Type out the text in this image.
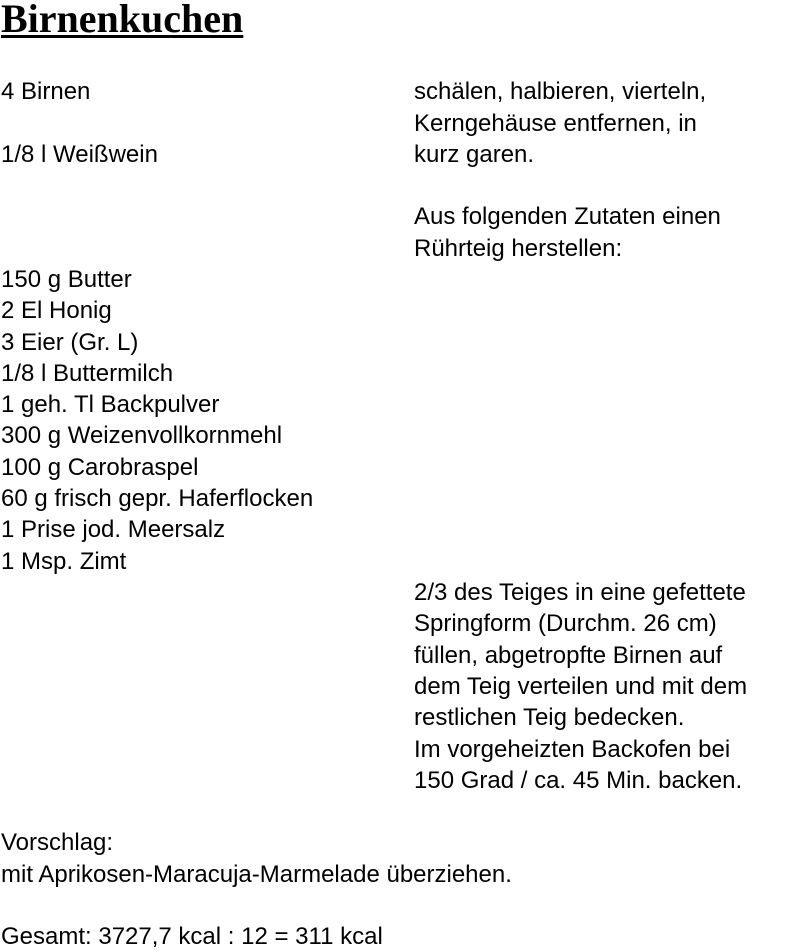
Birnenkuchen
4 Birnen
1/8 l Weißwein
schälen, halbieren, vierteln,
Kerngehäuse entfernen, in
kurz garen.
Aus folgenden Zutaten einen
Rührteig herstellen:
150 g Butter
2 El Honig
3 Eier (Gr. L)
1/8 l Buttermilch
1 geh. Tl Backpulver
300 g Weizenvollkornmehl
100 g Carobraspel
60 g frisch gepr. Haferflocken
1 Prise jod. Meersalz
1 Msp. Zimt
2/3 des Teiges in eine gefettete
Springform (Durchm. 26 cm)
füllen, abgetropfte Birnen auf
dem Teig verteilen und mit dem
restlichen Teig bedecken.
Im vorgeheizten Backofen bei
150 Grad / ca. 45 Min. backen.
Vorschlag:
mit Aprikosen-Maracuja-Marmelade überziehen.
Gesamt: 3727,7 kcal : 12 = 311 kcal
